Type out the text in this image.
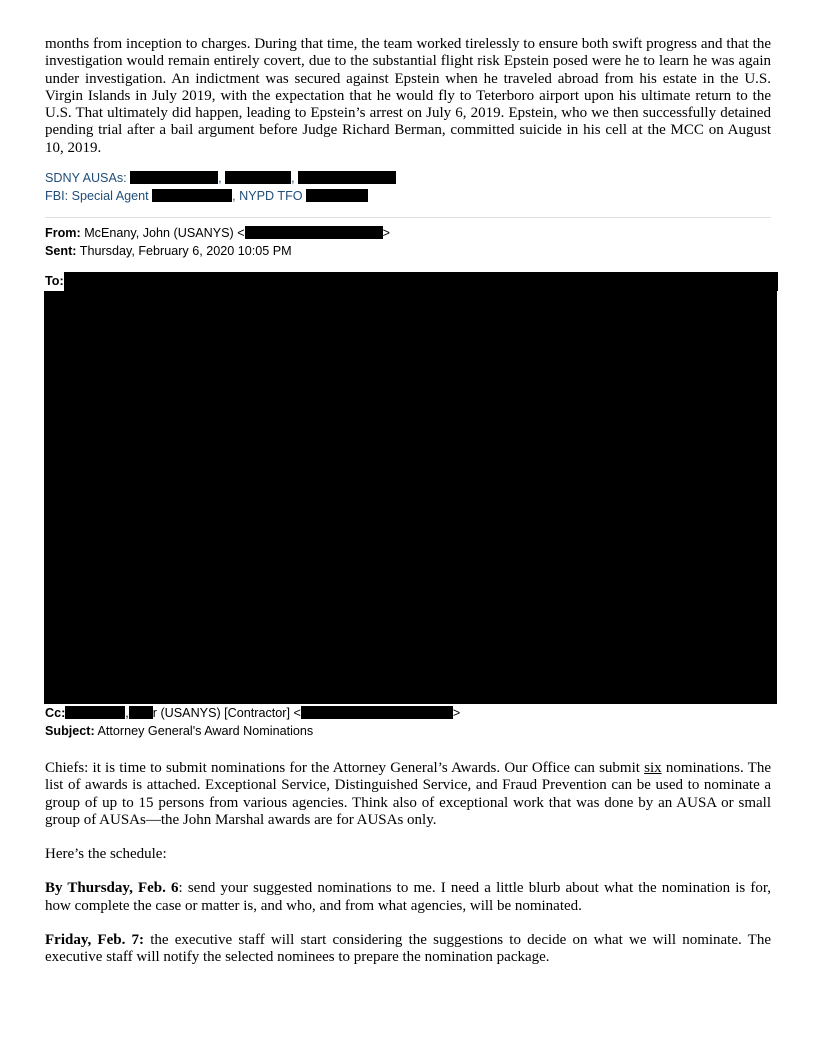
months from inception to charges. During that time, the team worked tirelessly to ensure both swift progress and that the investigation would remain entirely covert, due to the substantial flight risk Epstein posed were he to learn he was again under investigation. An indictment was secured against Epstein when he traveled abroad from his estate in the U.S. Virgin Islands in July 2019, with the expectation that he would fly to Teterboro airport upon his ultimate return to the U.S. That ultimately did happen, leading to Epstein’s arrest on July 6, 2019. Epstein, who we then successfully detained pending trial after a bail argument before Judge Richard Berman, committed suicide in his cell at the MCC on August 10, 2019.

SDNY AUSAs:	,	,
FBI: Special Agent	, NYPD TFO
From: McEnany, John (USANYS) <	>
Sent: Thursday, February 6, 2020 10:05 PM
To:
Cc:	, r (USANYS) [Contractor] <	>
Subject: Attorney General's Award Nominations

Chiefs: it is time to submit nominations for the Attorney General’s Awards. Our Office can submit six nominations. The list of awards is attached. Exceptional Service, Distinguished Service, and Fraud Prevention can be used to nominate a group of up to 15 persons from various agencies. Think also of exceptional work that was done by an AUSA or small group of AUSAs—the John Marshal awards are for AUSAs only.

Here’s the schedule:

By Thursday, Feb. 6: send your suggested nominations to me. I need a little blurb about what the nomination is for, how complete the case or matter is, and who, and from what agencies, will be nominated.

Friday, Feb. 7: the executive staff will start considering the suggestions to decide on what we will nominate. The executive staff will notify the selected nominees to prepare the nomination package.
